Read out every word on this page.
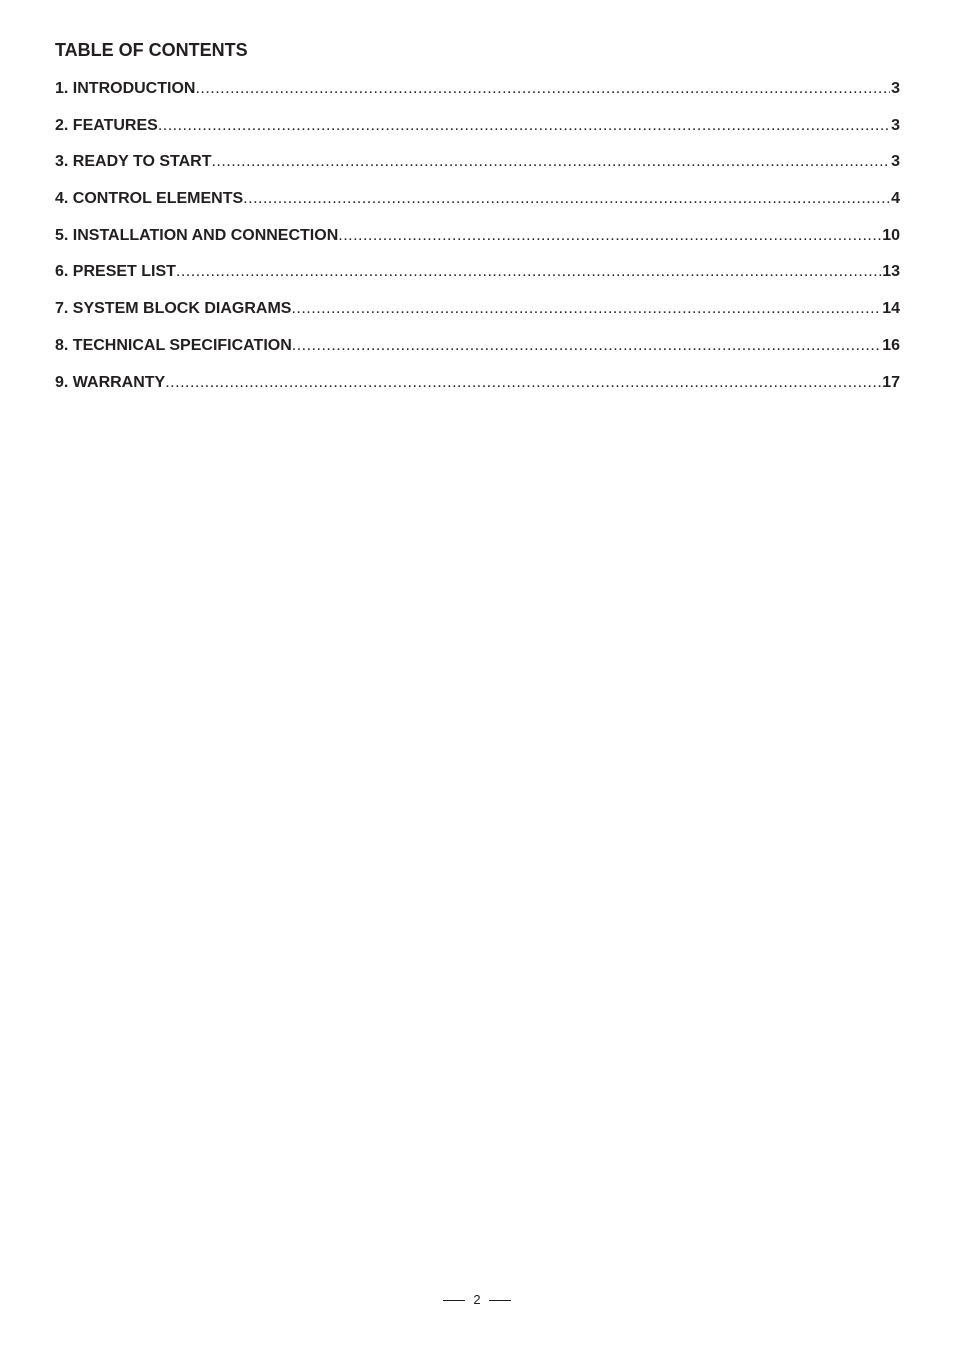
TABLE OF CONTENTS
1. INTRODUCTION .....	3
2. FEATURES .....	3
3. READY TO START .....	3
4. CONTROL ELEMENTS .....	4
5. INSTALLATION AND CONNECTION .....	10
6. PRESET LIST .....	13
7. SYSTEM BLOCK DIAGRAMS .....	14
8. TECHNICAL SPECIFICATION .....	16
9. WARRANTY .....	17
2
